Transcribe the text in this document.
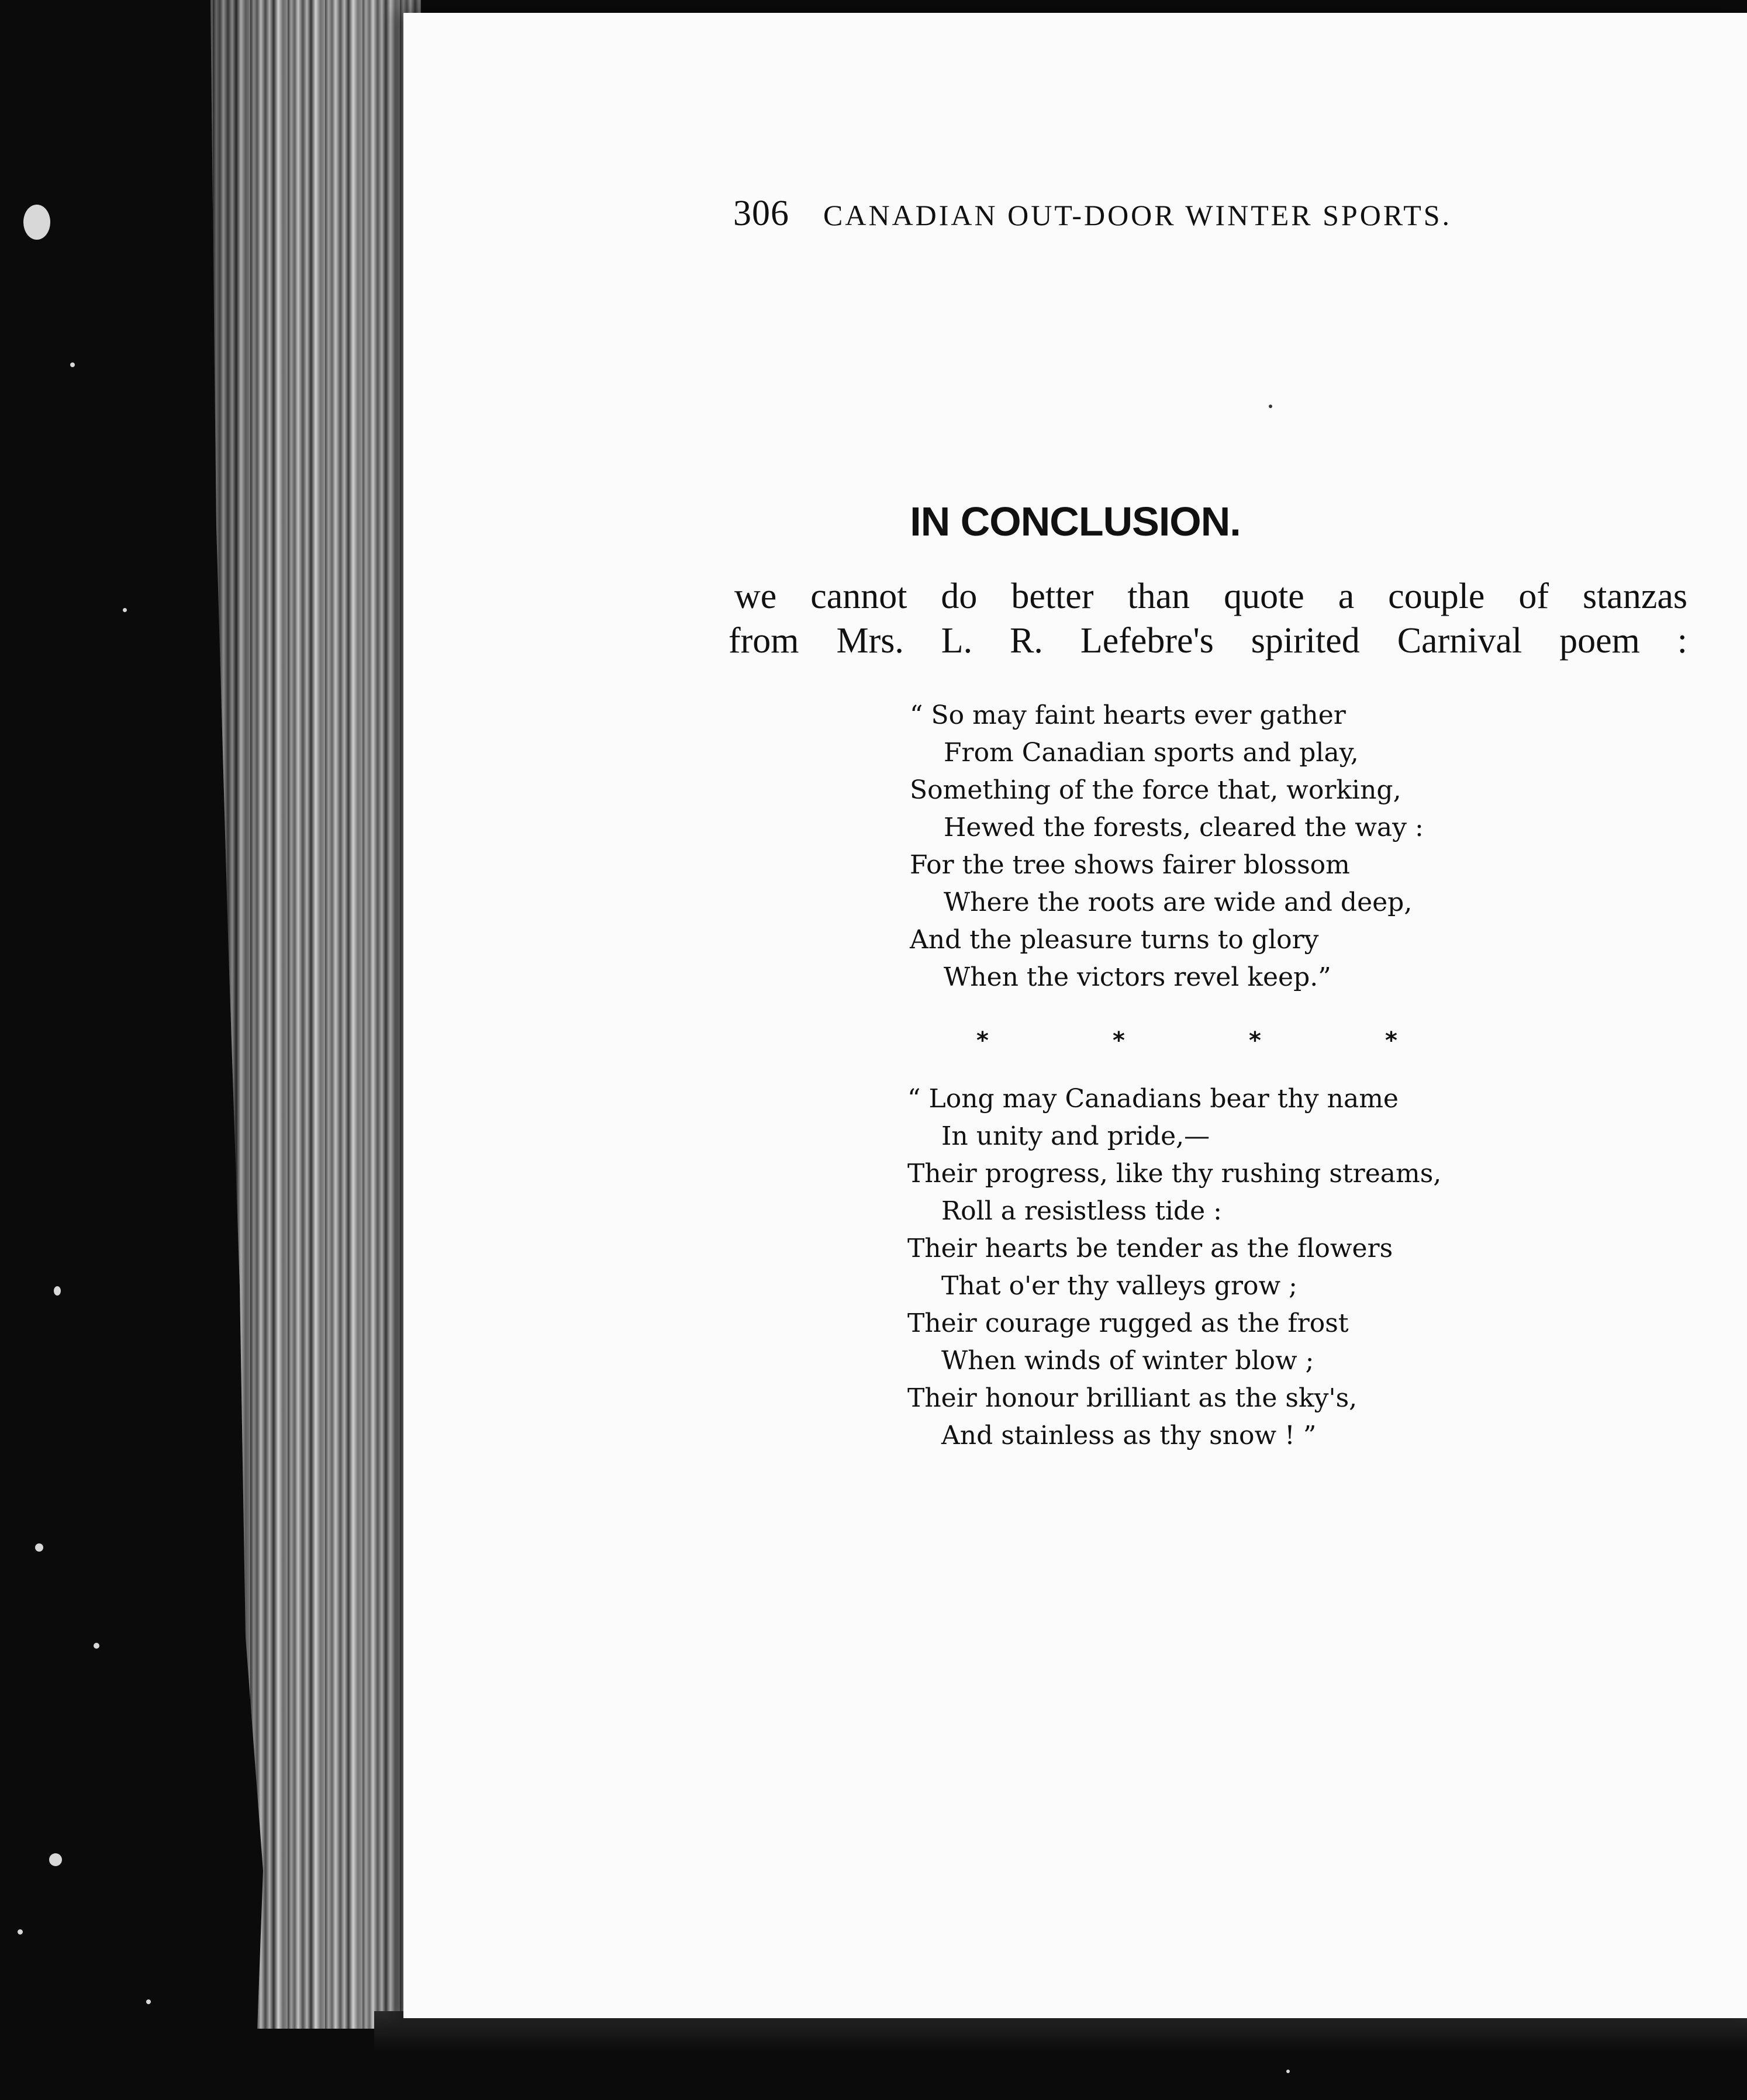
306 CANADIAN OUT-DOOR WINTER SPORTS.
IN CONCLUSION.
we cannot do better than quote a couple of stanzas
from Mrs. L. R. Lefebre's spirited Carnival poem :
“ So may faint hearts ever gather
From Canadian sports and play,
Something of the force that, working,
Hewed the forests, cleared the way :
For the tree shows fairer blossom
Where the roots are wide and deep,
And the pleasure turns to glory
When the victors revel keep.”
*	*	*	*
“ Long may Canadians bear thy name
In unity and pride,—
Their progress, like thy rushing streams,
Roll a resistless tide :
Their hearts be tender as the flowers
That o'er thy valleys grow ;
Their courage rugged as the frost
When winds of winter blow ;
Their honour brilliant as the sky's,
And stainless as thy snow ! ”
